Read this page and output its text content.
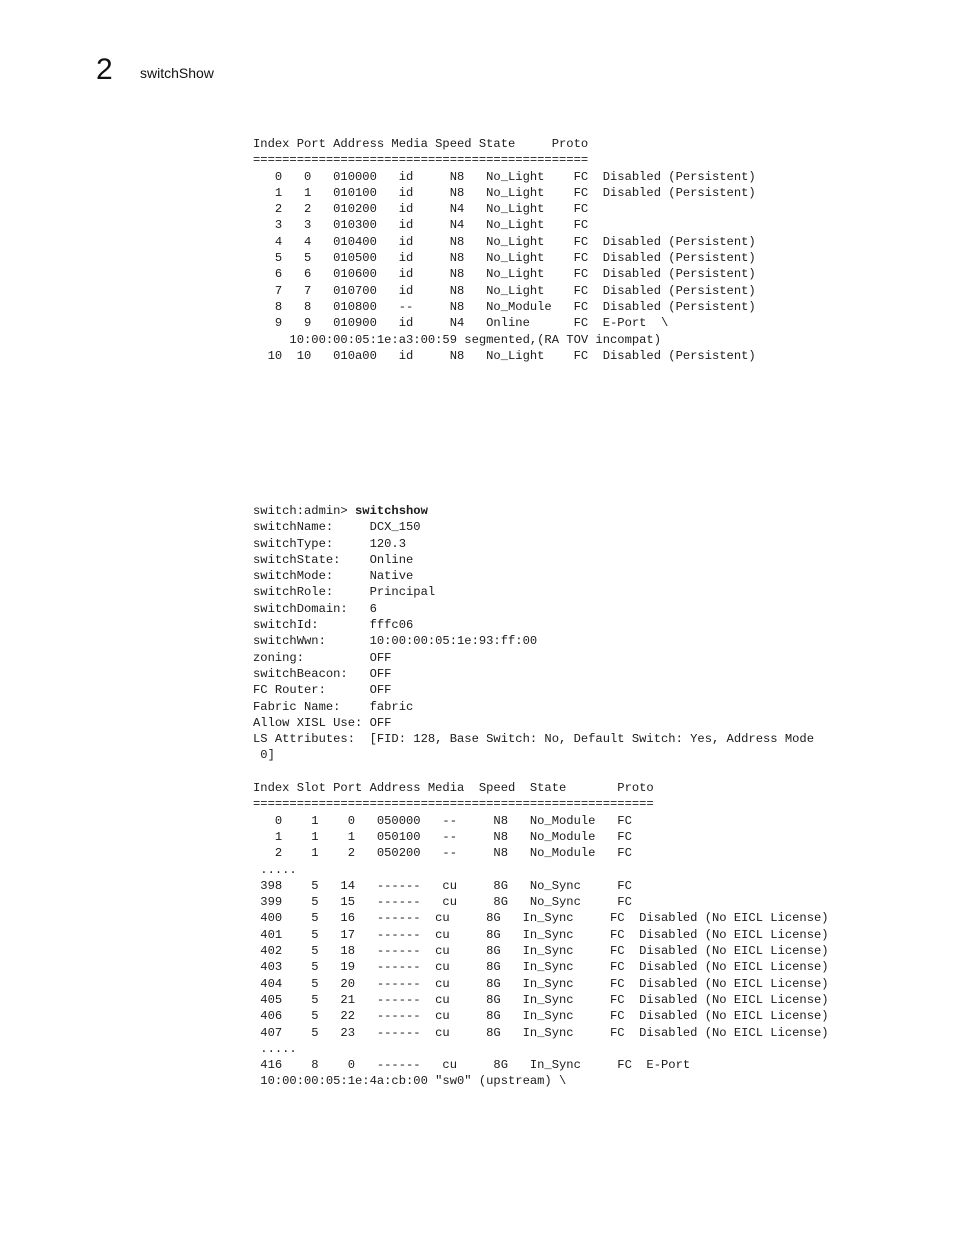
2 switchShow
Index Port Address Media Speed State     Proto
==============================================
0   0   010000   id     N8   No_Light    FC  Disabled (Persistent)
1   1   010100   id     N8   No_Light    FC  Disabled (Persistent)
2   2   010200   id     N4   No_Light    FC
3   3   010300   id     N4   No_Light    FC
4   4   010400   id     N8   No_Light    FC  Disabled (Persistent)
5   5   010500   id     N8   No_Light    FC  Disabled (Persistent)
6   6   010600   id     N8   No_Light    FC  Disabled (Persistent)
7   7   010700   id     N8   No_Light    FC  Disabled (Persistent)
8   8   010800   --     N8   No_Module   FC  Disabled (Persistent)
9   9   010900   id     N4   Online      FC  E-Port  \
10:00:00:05:1e:a3:00:59 segmented,(RA TOV incompat)
10  10   010a00   id     N8   No_Light    FC  Disabled (Persistent)
switch:admin> switchshow
switchName:     DCX_150
switchType:     120.3
switchState:    Online
switchMode:     Native
switchRole:     Principal
switchDomain:   6
switchId:       fffc06
switchWwn:      10:00:00:05:1e:93:ff:00
zoning:         OFF
switchBeacon:   OFF
FC Router:      OFF
Fabric Name:    fabric
Allow XISL Use: OFF
LS Attributes:  [FID: 128, Base Switch: No, Default Switch: Yes, Address Mode
0]
Index Slot Port Address Media  Speed  State       Proto
=======================================================
0    1    0   050000   --     N8   No_Module   FC
1    1    1   050100   --     N8   No_Module   FC
2    1    2   050200   --     N8   No_Module   FC
.....
398    5   14   ------   cu     8G   No_Sync     FC
399    5   15   ------   cu     8G   No_Sync     FC
400    5   16   ------  cu     8G   In_Sync     FC  Disabled (No EICL License)
401    5   17   ------  cu     8G   In_Sync     FC  Disabled (No EICL License)
402    5   18   ------  cu     8G   In_Sync     FC  Disabled (No EICL License)
403    5   19   ------  cu     8G   In_Sync     FC  Disabled (No EICL License)
404    5   20   ------  cu     8G   In_Sync     FC  Disabled (No EICL License)
405    5   21   ------  cu     8G   In_Sync     FC  Disabled (No EICL License)
406    5   22   ------  cu     8G   In_Sync     FC  Disabled (No EICL License)
407    5   23   ------  cu     8G   In_Sync     FC  Disabled (No EICL License)
.....
416    8    0   ------   cu     8G   In_Sync     FC  E-Port
10:00:00:05:1e:4a:cb:00 "sw0" (upstream) \
